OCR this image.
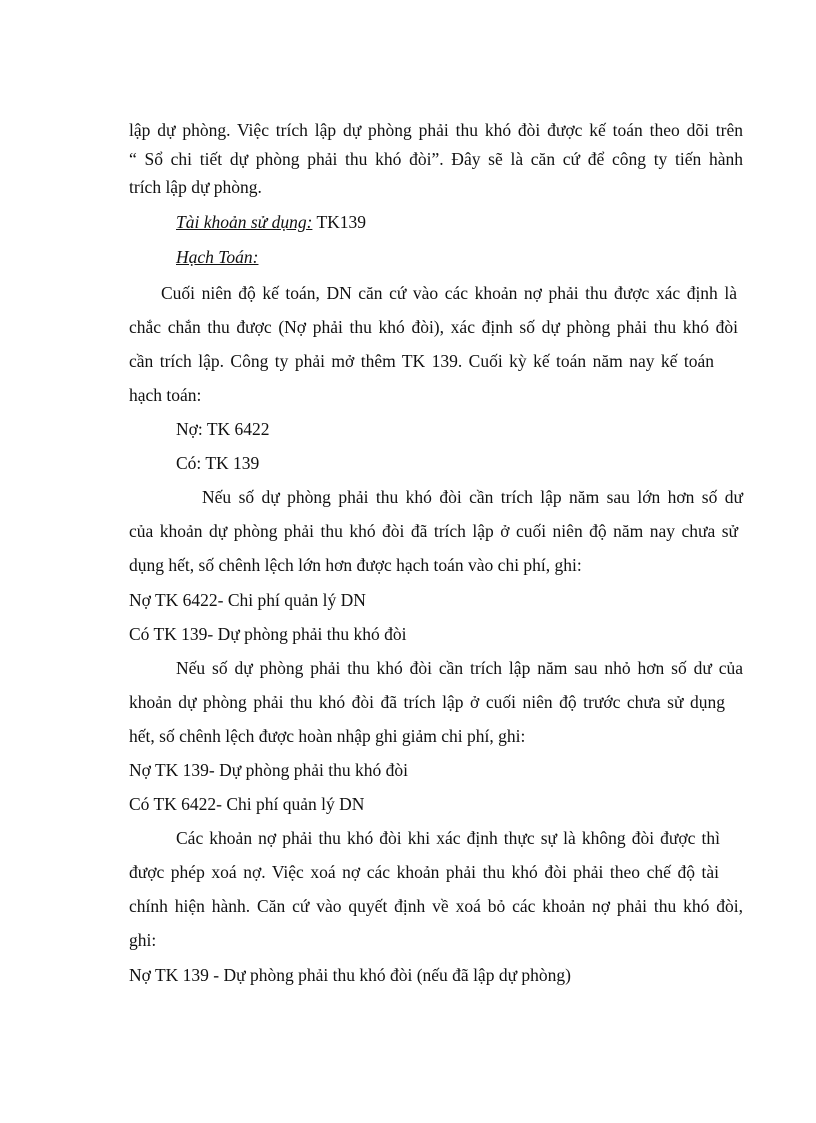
lập dự phòng. Việc trích lập dự phòng phải thu khó đòi được kế toán theo dõi trên
“ Sổ chi tiết dự phòng phải thu khó đòi”. Đây sẽ là căn cứ để công ty tiến hành
trích lập dự phòng.
Tài khoản sử dụng: TK139
Hạch Toán:
Cuối niên độ kế toán, DN căn cứ vào các khoản nợ phải thu được xác định là
chắc chắn thu được (Nợ phải thu khó đòi), xác định số dự phòng phải thu khó đòi
cần trích lập. Công ty phải mở thêm TK 139. Cuối kỳ kế toán năm nay kế toán
hạch toán:
Nợ: TK 6422
Có: TK 139
Nếu số dự phòng phải thu khó đòi cần trích lập năm sau lớn hơn số dư
của khoản dự phòng phải thu khó đòi đã trích lập ở cuối niên độ năm nay chưa sử
dụng hết, số chênh lệch lớn hơn được hạch toán vào chi phí, ghi:
Nợ TK 6422- Chi phí quản lý DN
Có TK 139- Dự phòng phải thu khó đòi
Nếu số dự phòng phải thu khó đòi cần trích lập năm sau nhỏ hơn số dư của
khoản dự phòng phải thu khó đòi đã trích lập ở cuối niên độ trước chưa sử dụng
hết, số chênh lệch được hoàn nhập ghi giảm chi phí, ghi:
Nợ TK 139- Dự phòng phải thu khó đòi
Có TK 6422- Chi phí quản lý DN
Các khoản nợ phải thu khó đòi khi xác định thực sự là không đòi được thì
được phép xoá nợ. Việc xoá nợ các khoản phải thu khó đòi phải theo chế độ tài
chính hiện hành. Căn cứ vào quyết định về xoá bỏ các khoản nợ phải thu khó đòi,
ghi:
Nợ TK 139 - Dự phòng phải thu khó đòi (nếu đã lập dự phòng)
